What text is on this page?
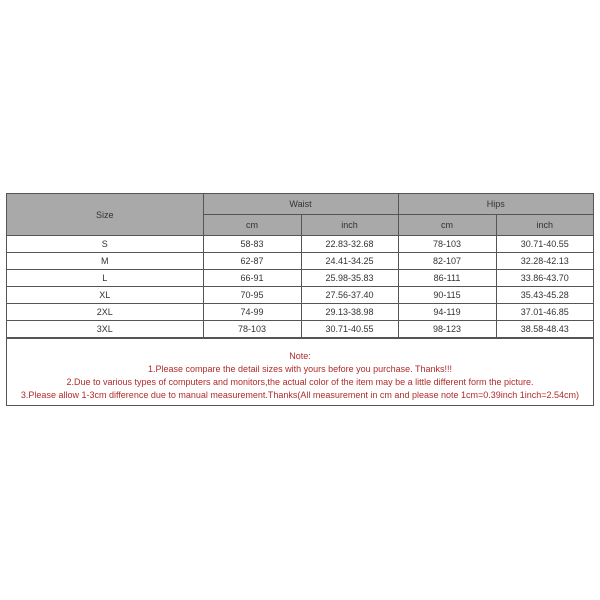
Size	Waist		Hips	
	cm	inch	cm	inch
S	58-83	22.83-32.68	78-103	30.71-40.55
M	62-87	24.41-34.25	82-107	32.28-42.13
L	66-91	25.98-35.83	86-111	33.86-43.70
XL	70-95	27.56-37.40	90-115	35.43-45.28
2XL	74-99	29.13-38.98	94-119	37.01-46.85
3XL	78-103	30.71-40.55	98-123	38.58-48.43
Note:
1.Please compare the detail sizes with yours before you purchase. Thanks!!!
2.Due to various types of computers and monitors,the actual color of the item may be a little different form the picture.
3.Please allow 1-3cm difference due to manual measurement.Thanks(All measurement in cm and please note 1cm=0.39inch 1inch=2.54cm)
